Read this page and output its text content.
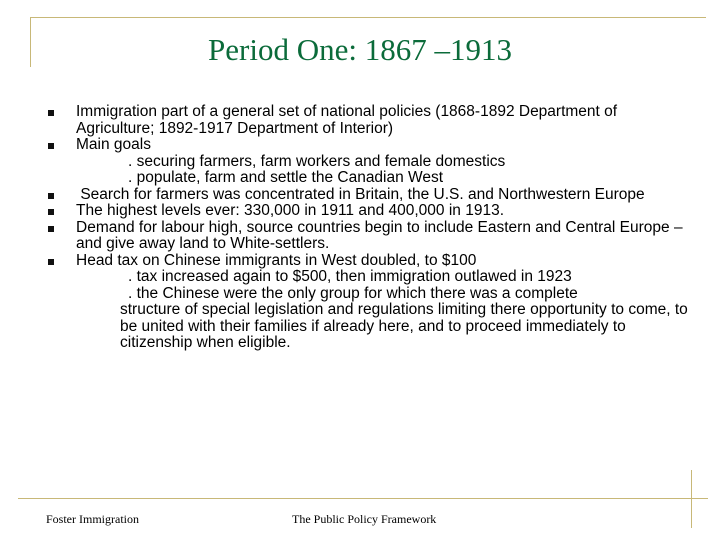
Period One: 1867 –1913
Immigration part of a general set of national policies (1868-1892 Department of Agriculture; 1892-1917 Department of Interior)
Main goals
. securing farmers, farm workers and female domestics
. populate, farm and settle the Canadian West
Search for farmers was concentrated in Britain, the U.S. and Northwestern Europe
The highest levels ever: 330,000 in 1911 and 400,000 in 1913.
Demand for labour high, source countries begin to include Eastern and Central Europe – and give away land to White-settlers.
Head tax on Chinese immigrants in West doubled, to $100
. tax increased again to $500, then immigration outlawed in 1923
. the Chinese were the only group for which there was a complete
structure of special legislation and regulations limiting there opportunity to come, to be united with their families if already here, and to proceed immediately to citizenship when eligible.
Foster Immigration	The Public Policy Framework
